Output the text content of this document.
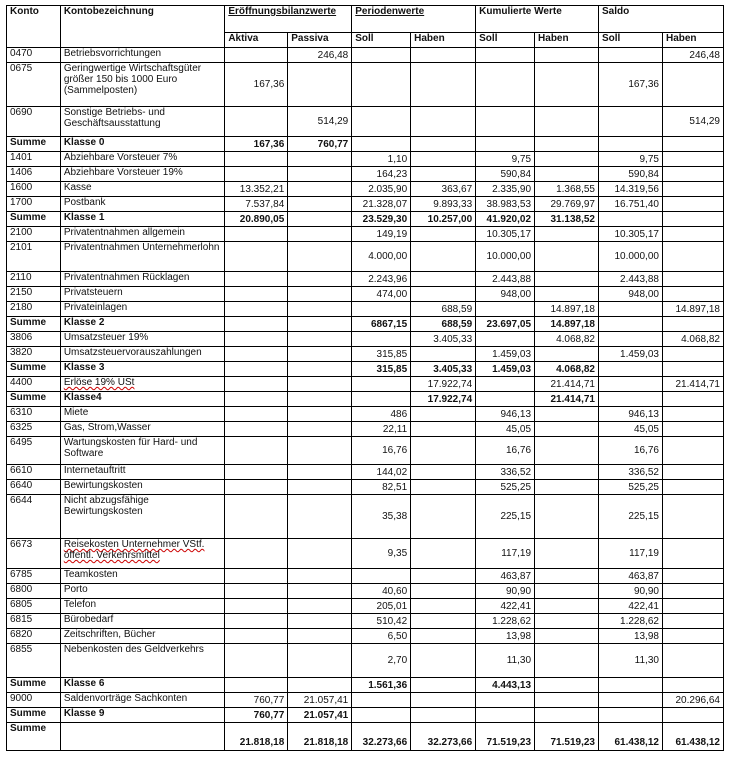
Konto	Kontobezeichnung	Eröffnungsbilanzwerte		Periodenwerte		Kumulierte Werte		Saldo	
		Aktiva	Passiva	Soll	Haben	Soll	Haben	Soll	Haben
0470	Betriebsvorrichtungen		246,48						246,48
0675	Geringwertige Wirtschaftsgüter größer 150 bis 1000 Euro (Sammelposten)	167,36						167,36	
0690	Sonstige Betriebs- und Geschäftsausstattung		514,29						514,29
Summe	Klasse 0	167,36	760,77						
1401	Abziehbare Vorsteuer 7%			1,10		9,75		9,75	
1406	Abziehbare Vorsteuer 19%			164,23		590,84		590,84	
1600	Kasse	13.352,21		2.035,90	363,67	2.335,90	1.368,55	14.319,56	
1700	Postbank	7.537,84		21.328,07	9.893,33	38.983,53	29.769,97	16.751,40	
Summe	Klasse 1	20.890,05		23.529,30	10.257,00	41.920,02	31.138,52		
2100	Privatentnahmen allgemein			149,19		10.305,17		10.305,17	
2101	Privatentnahmen Unternehmerlohn			4.000,00		10.000,00		10.000,00	
2110	Privatentnahmen Rücklagen			2.243,96		2.443,88		2.443,88	
2150	Privatsteuern			474,00		948,00		948,00	
2180	Privateinlagen				688,59		14.897,18		14.897,18
Summe	Klasse 2			6867,15	688,59	23.697,05	14.897,18		
3806	Umsatzsteuer 19%				3.405,33		4.068,82		4.068,82
3820	Umsatzsteuervorauszahlungen			315,85		1.459,03		1.459,03	
Summe	Klasse 3			315,85	3.405,33	1.459,03	4.068,82		
4400	Erlöse 19% USt				17.922,74		21.414,71		21.414,71
Summe	Klasse4				17.922,74		21.414,71		
6310	Miete			486		946,13		946,13	
6325	Gas, Strom,Wasser			22,11		45,05		45,05	
6495	Wartungskosten für Hard- und Software			16,76		16,76		16,76	
6610	Internetauftritt			144,02		336,52		336,52	
6640	Bewirtungskosten			82,51		525,25		525,25	
6644	Nicht abzugsfähige Bewirtungskosten			35,38		225,15		225,15	
6673	Reisekosten Unternehmer VStf. öffentl. Verkehrsmittel			9,35		117,19		117,19	
6785	Teamkosten					463,87		463,87	
6800	Porto			40,60		90,90		90,90	
6805	Telefon			205,01		422,41		422,41	
6815	Bürobedarf			510,42		1.228,62		1.228,62	
6820	Zeitschriften, Bücher			6,50		13,98		13,98	
6855	Nebenkosten des Geldverkehrs			2,70		11,30		11,30	
Summe	Klasse 6			1.561,36		4.443,13			
9000	Saldenvorträge Sachkonten	760,77	21.057,41						20.296,64
Summe	Klasse 9	760,77	21.057,41						
Summe		21.818,18	21.818,18	32.273,66	32.273,66	71.519,23	71.519,23	61.438,12	61.438,12
